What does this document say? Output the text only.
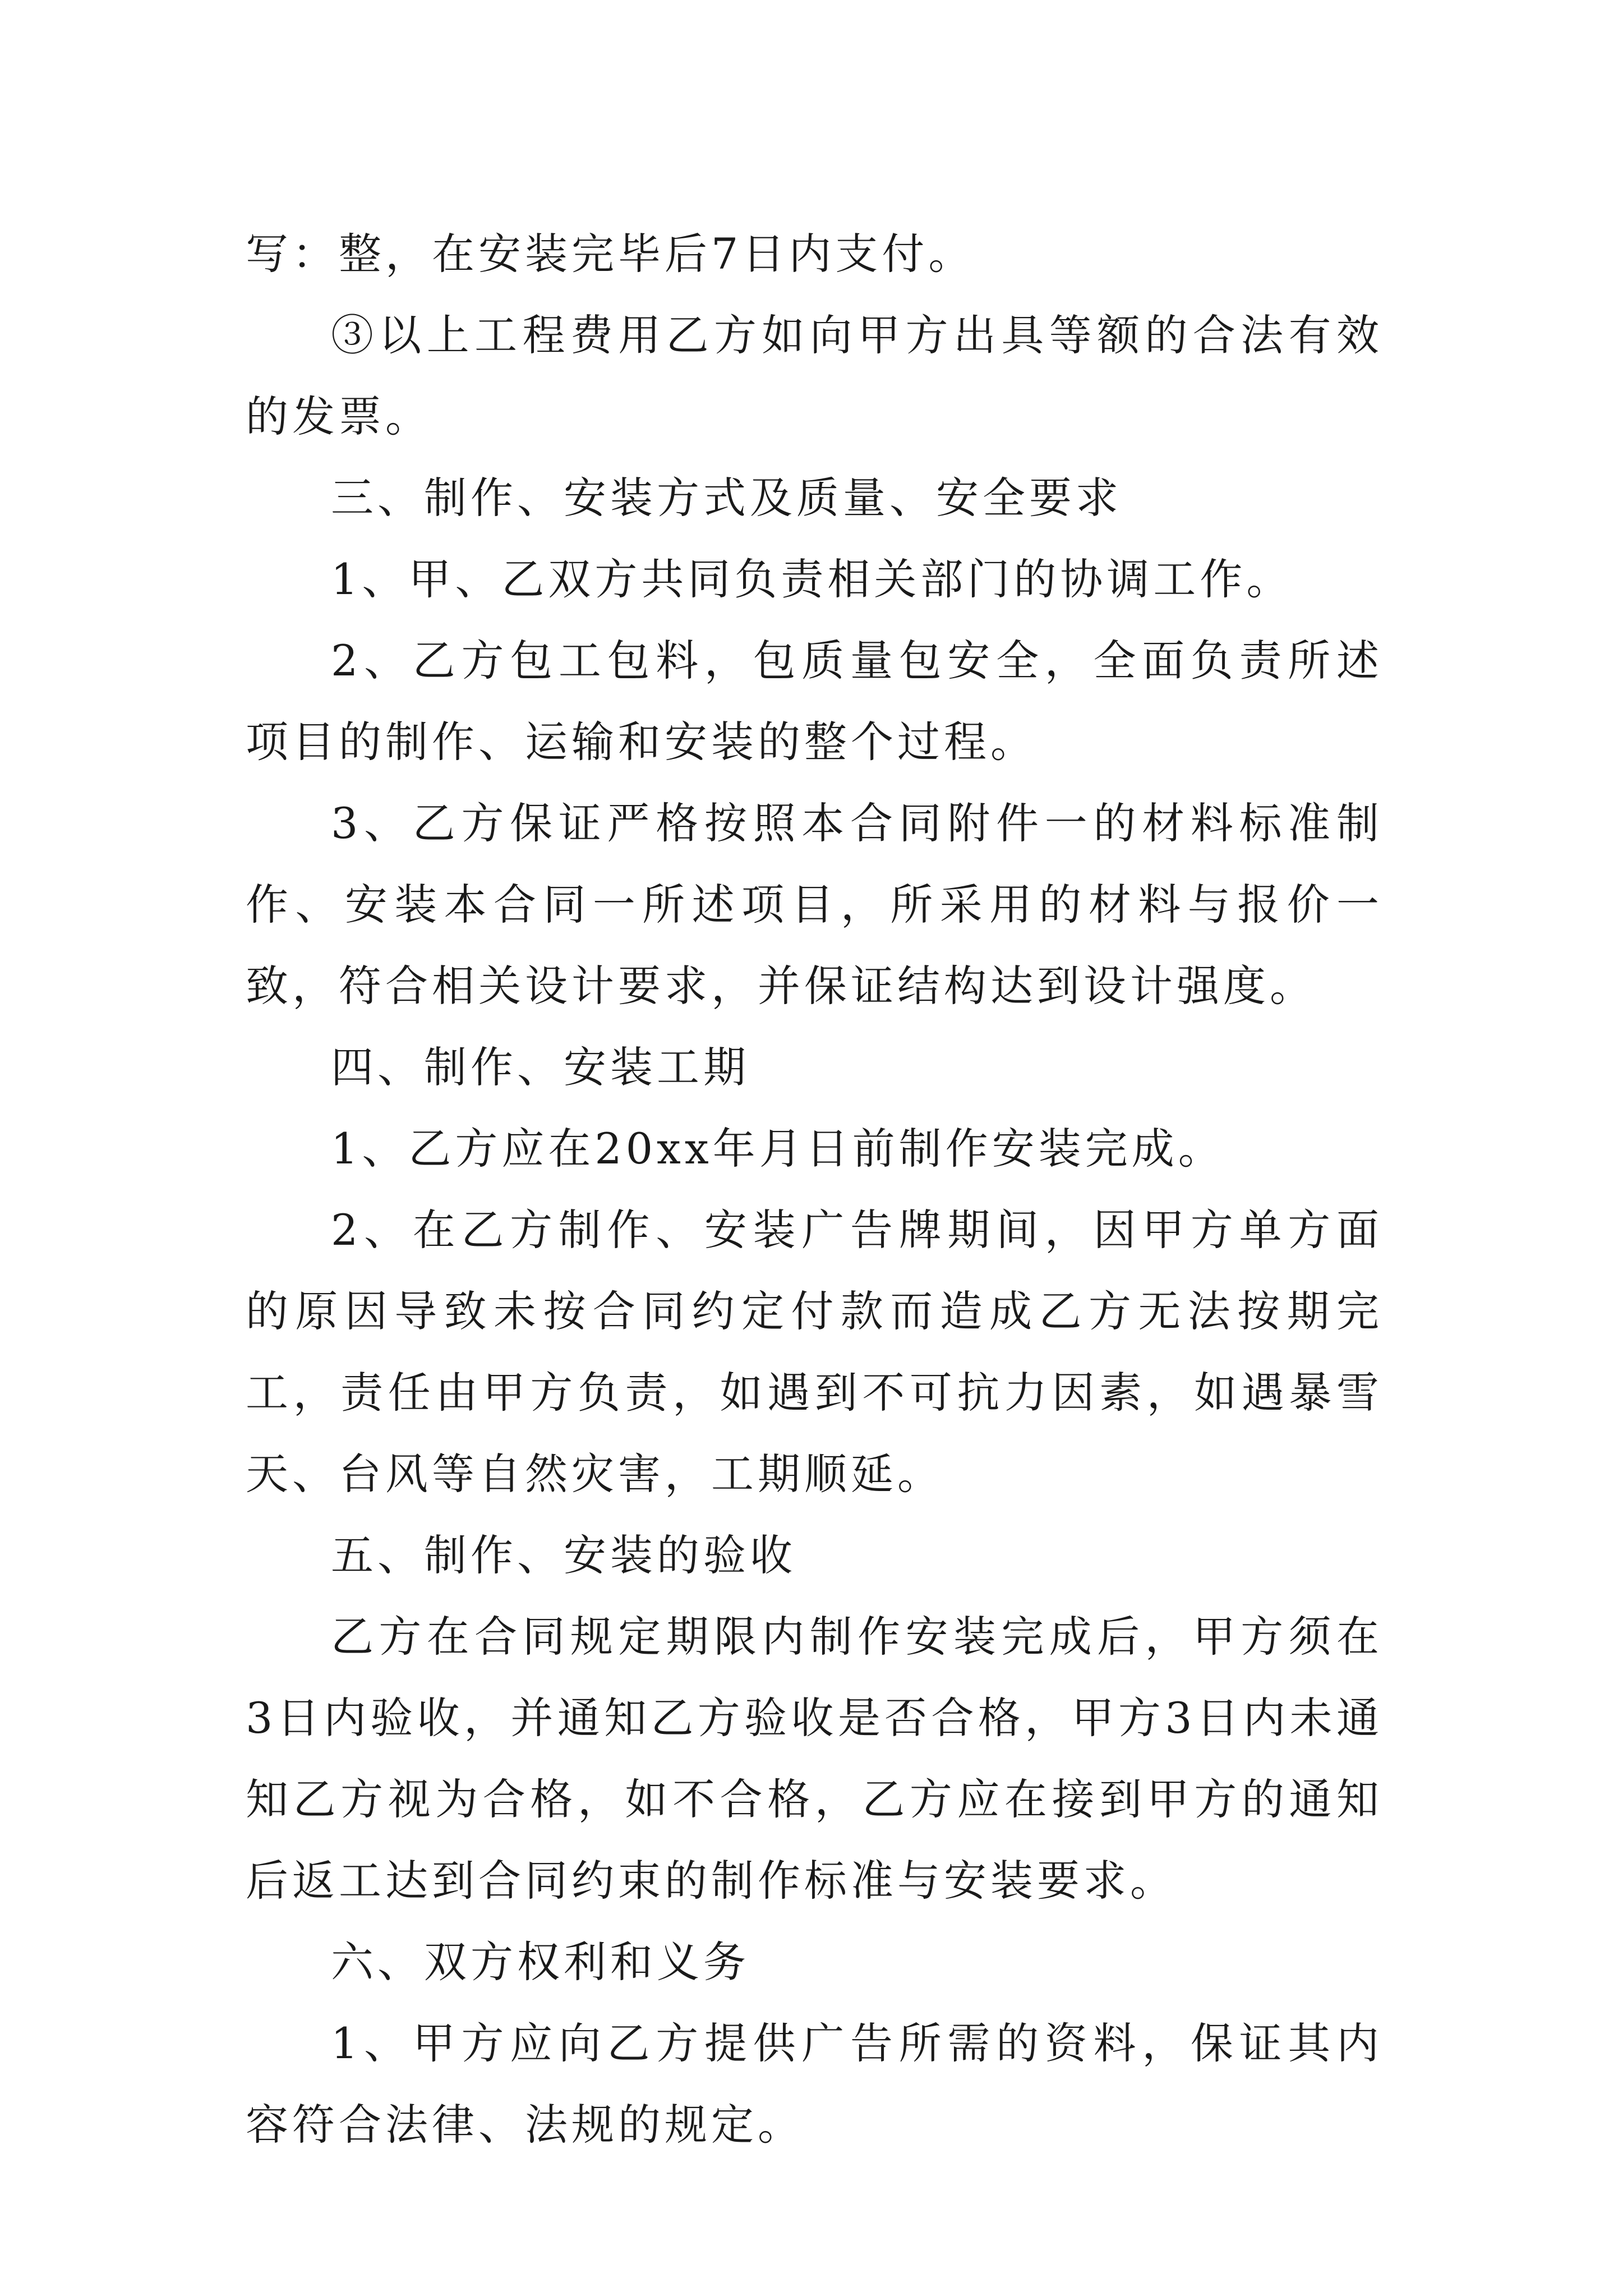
写：整，在安装完毕后7日内支付。

③以上工程费用乙方如向甲方出具等额的合法有效的发票。

三、制作、安装方式及质量、安全要求

1、甲、乙双方共同负责相关部门的协调工作。

2、乙方包工包料，包质量包安全，全面负责所述项目的制作、运输和安装的整个过程。

3、乙方保证严格按照本合同附件一的材料标准制作、安装本合同一所述项目，所采用的材料与报价一致，符合相关设计要求，并保证结构达到设计强度。

四、制作、安装工期

1、乙方应在20xx年月日前制作安装完成。

2、在乙方制作、安装广告牌期间，因甲方单方面的原因导致未按合同约定付款而造成乙方无法按期完工，责任由甲方负责，如遇到不可抗力因素，如遇暴雪天、台风等自然灾害，工期顺延。

五、制作、安装的验收

乙方在合同规定期限内制作安装完成后，甲方须在3日内验收，并通知乙方验收是否合格，甲方3日内未通知乙方视为合格，如不合格，乙方应在接到甲方的通知后返工达到合同约束的制作标准与安装要求。

六、双方权利和义务

1、甲方应向乙方提供广告所需的资料，保证其内容符合法律、法规的规定。
